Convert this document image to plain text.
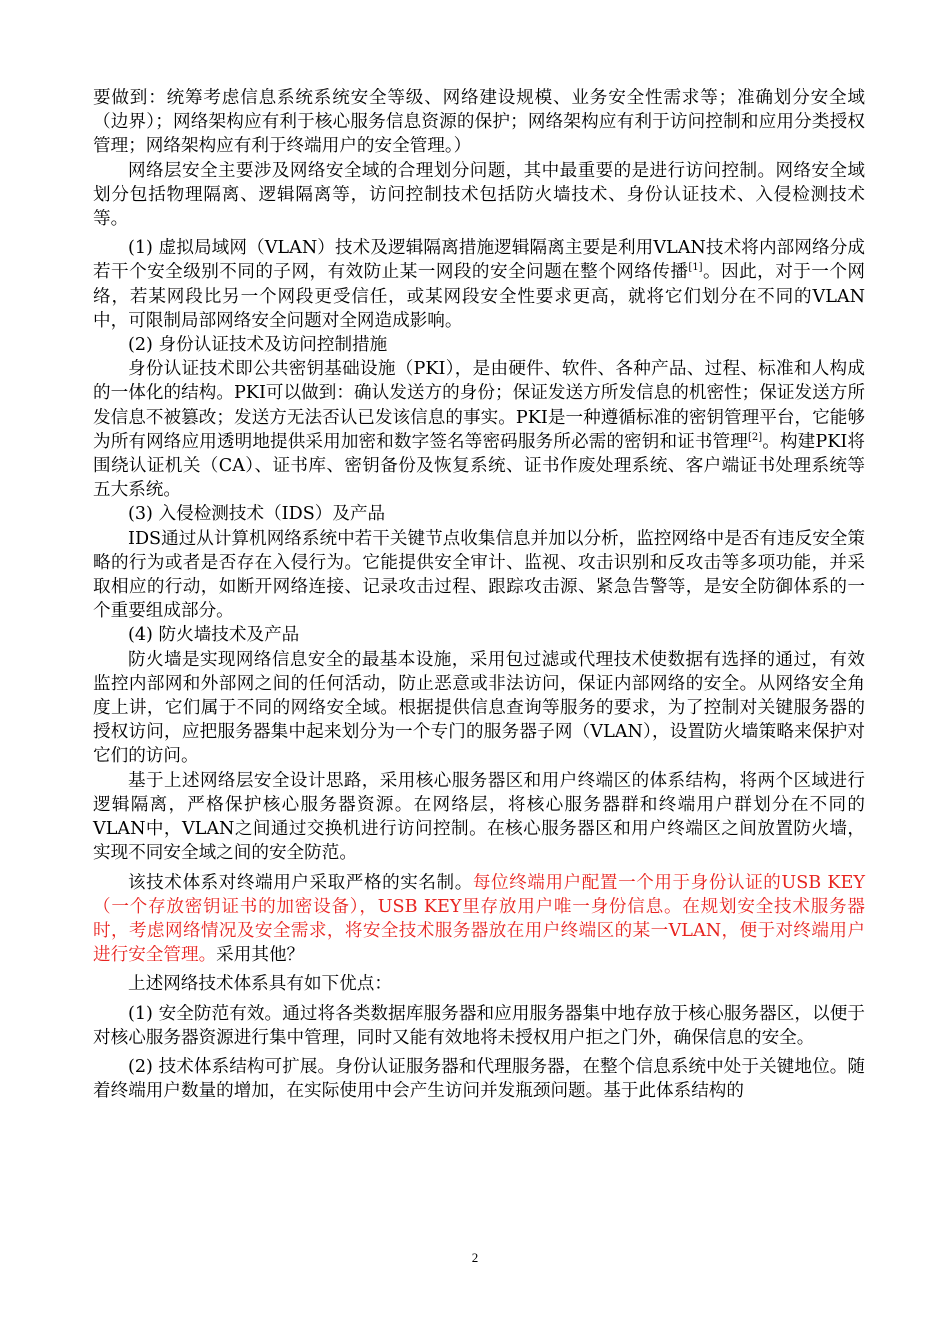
要做到：统筹考虑信息系统系统安全等级、网络建设规模、业务安全性需求等；准确划分安全域（边界）；网络架构应有利于核心服务信息资源的保护；网络架构应有利于访问控制和应用分类授权管理；网络架构应有利于终端用户的安全管理。）

网络层安全主要涉及网络安全域的合理划分问题，其中最重要的是进行访问控制。网络安全域划分包括物理隔离、逻辑隔离等，访问控制技术包括防火墙技术、身份认证技术、入侵检测技术等。

(1) 虚拟局域网（VLAN）技术及逻辑隔离措施逻辑隔离主要是利用VLAN技术将内部网络分成若干个安全级别不同的子网，有效防止某一网段的安全问题在整个网络传播[1]。因此，对于一个网络，若某网段比另一个网段更受信任，或某网段安全性要求更高，就将它们划分在不同的VLAN中，可限制局部网络安全问题对全网造成影响。

(2) 身份认证技术及访问控制措施

身份认证技术即公共密钥基础设施（PKI），是由硬件、软件、各种产品、过程、标准和人构成的一体化的结构。PKI可以做到：确认发送方的身份；保证发送方所发信息的机密性；保证发送方所发信息不被篡改；发送方无法否认已发该信息的事实。PKI是一种遵循标准的密钥管理平台，它能够为所有网络应用透明地提供采用加密和数字签名等密码服务所必需的密钥和证书管理[2]。构建PKI将围绕认证机关（CA）、证书库、密钥备份及恢复系统、证书作废处理系统、客户端证书处理系统等五大系统。

(3) 入侵检测技术（IDS）及产品

IDS通过从计算机网络系统中若干关键节点收集信息并加以分析，监控网络中是否有违反安全策略的行为或者是否存在入侵行为。它能提供安全审计、监视、攻击识别和反攻击等多项功能，并采取相应的行动，如断开网络连接、记录攻击过程、跟踪攻击源、紧急告警等，是安全防御体系的一个重要组成部分。

(4) 防火墙技术及产品

防火墙是实现网络信息安全的最基本设施，采用包过滤或代理技术使数据有选择的通过，有效监控内部网和外部网之间的任何活动，防止恶意或非法访问，保证内部网络的安全。从网络安全角度上讲，它们属于不同的网络安全域。根据提供信息查询等服务的要求，为了控制对关键服务器的授权访问，应把服务器集中起来划分为一个专门的服务器子网（VLAN），设置防火墙策略来保护对它们的访问。

基于上述网络层安全设计思路，采用核心服务器区和用户终端区的体系结构，将两个区域进行逻辑隔离，严格保护核心服务器资源。在网络层，将核心服务器群和终端用户群划分在不同的VLAN中，VLAN之间通过交换机进行访问控制。在核心服务器区和用户终端区之间放置防火墙，实现不同安全域之间的安全防范。

该技术体系对终端用户采取严格的实名制。每位终端用户配置一个用于身份认证的USB KEY（一个存放密钥证书的加密设备），USB KEY里存放用户唯一身份信息。在规划安全技术服务器时，考虑网络情况及安全需求，将安全技术服务器放在用户终端区的某一VLAN，便于对终端用户进行安全管理。采用其他？

上述网络技术体系具有如下优点：

(1) 安全防范有效。通过将各类数据库服务器和应用服务器集中地存放于核心服务器区，以便于对核心服务器资源进行集中管理，同时又能有效地将未授权用户拒之门外，确保信息的安全。

(2) 技术体系结构可扩展。身份认证服务器和代理服务器，在整个信息系统中处于关键地位。随着终端用户数量的增加，在实际使用中会产生访问并发瓶颈问题。基于此体系结构的

2
